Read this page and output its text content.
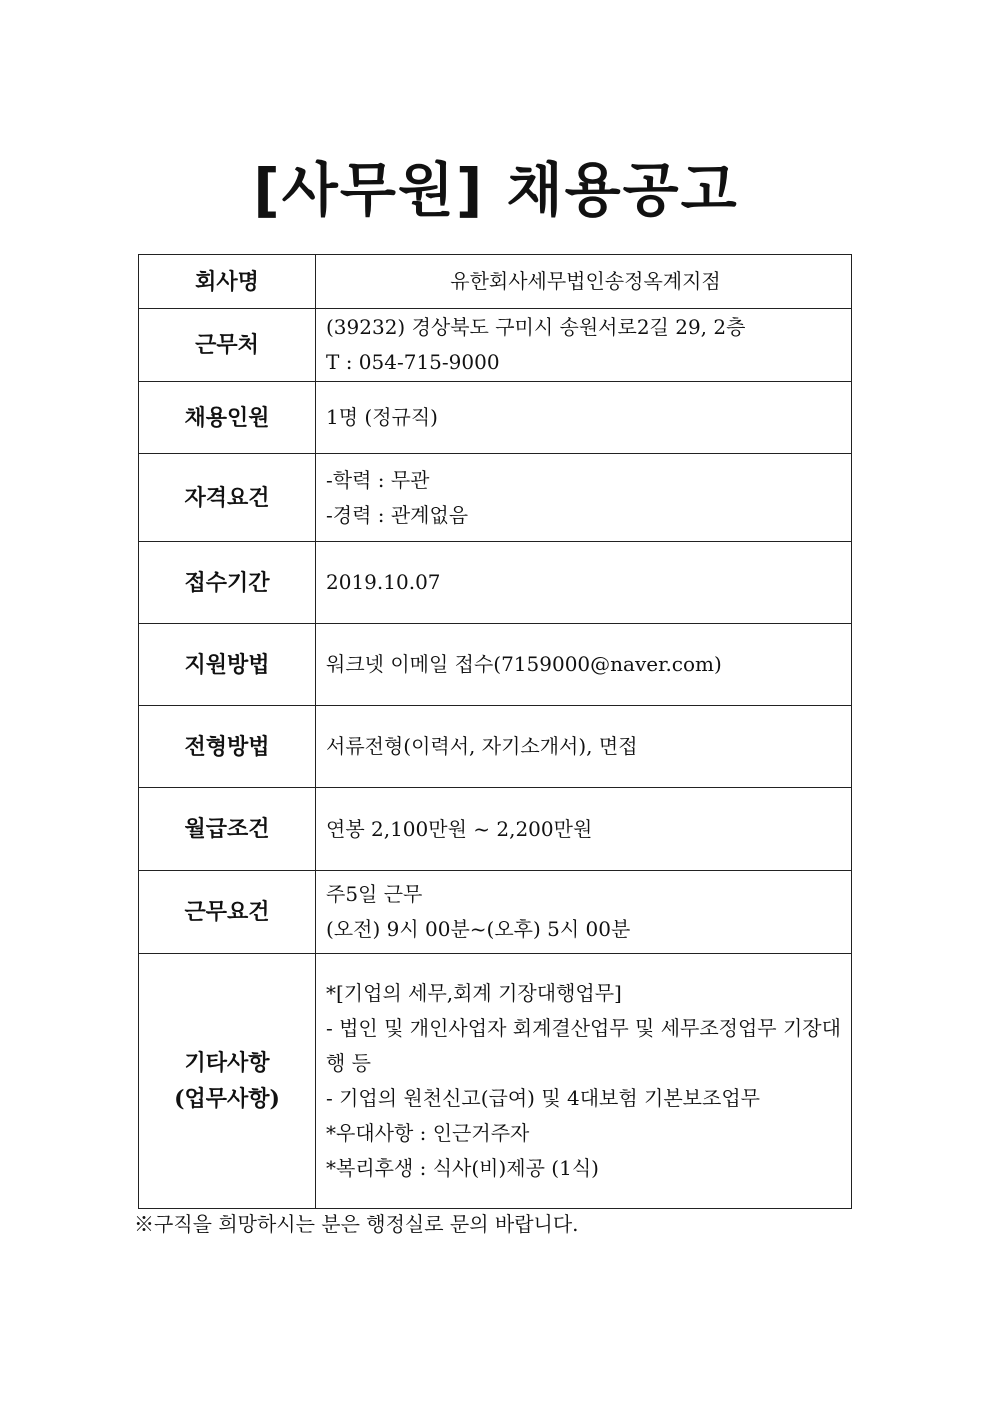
[사무원] 채용공고
회사명	유한회사세무법인송정옥계지점

근무처	(39232) 경상북도 구미시 송원서로2길 29, 2층
T : 054-715-9000

채용인원	1명 (정규직)

자격요건	-학력 : 무관
-경력 : 관계없음

접수기간	2019.10.07

지원방법	워크넷 이메일 접수(7159000@naver.com)

전형방법	서류전형(이력서, 자기소개서), 면접

월급조건	연봉 2,100만원 ~ 2,200만원

근무요건	주5일 근무
(오전) 9시 00분~(오후) 5시 00분

기타사항
(업무사항)	*[기업의 세무,회계 기장대행업무]
- 법인 및 개인사업자 회계결산업무 및 세무조정업무 기장대행 등
- 기업의 원천신고(급여) 및 4대보험 기본보조업무
*우대사항 : 인근거주자
*복리후생 : 식사(비)제공 (1식)

※구직을 희망하시는 분은 행정실로 문의 바랍니다.
